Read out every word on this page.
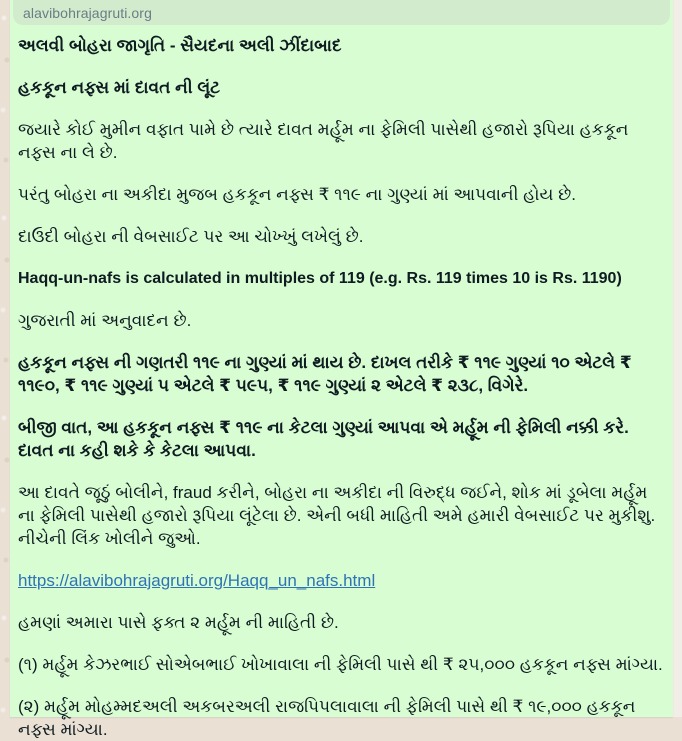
alavibohrajagruti.org
અલવી બોહરા જાગૃતિ - સૈયદના અલી ઝીંદાબાદ
હકકૂન નફ્સ માં દાવત ની લૂંટ
જયારે કોઈ મુમીન વફાત પામે છે ત્યારે દાવત મર્હૂમ ના ફેમિલી પાસેથી હજારો રૂપિયા હકકૂન નફ્સ ના લે છે.
પરંતુ બોહરા ના અકીદા મુજબ હકકૂન નફ્સ ₹ ૧૧૯ ના ગુણ્યાં માં આપવાની હોય છે.
દાઉદી બોહરા ની વેબસાઈટ પર આ ચોખ્ખું લખેલું છે.
Haqq-un-nafs is calculated in multiples of 119 (e.g. Rs. 119 times 10 is Rs. 1190)
ગુજરાતી માં અનુવાદન છે.
હકકૂન નફ્સ ની ગણતરી ૧૧૯ ના ગુણ્યાં માં થાય છે. દાખલ તરીકે ₹ ૧૧૯ ગુણ્યાં ૧૦ એટલે ₹ ૧૧૯૦, ₹ ૧૧૯ ગુણ્યાં ૫ એટલે ₹ ૫૯૫, ₹ ૧૧૯ ગુણ્યાં ૨ એટલે ₹ ૨૩૮, વિગેરે.
બીજી વાત, આ હકકૂન નફ્સ ₹ ૧૧૯ ના કેટલા ગુણ્યાં આપવા એ મર્હૂમ ની ફેમિલી નક્કી કરે. દાવત ના કહી શકે કે કેટલા આપવા.
આ દાવતે જૂઠું બોલીને, fraud કરીને, બોહરા ના અકીદા ની વિરુદ્ધ જઈને, શોક માં ડૂબેલા મર્હૂમ ના ફેમિલી પાસેથી હજારો રૂપિયા લૂંટેલા છે. એની બધી માહિતી અમે હમારી વેબસાઈટ પર મુકીશુ. નીચેની લિંક ખોલીને જુઓ.
https://alavibohrajagruti.org/Haqq_un_nafs.html
હમણાં અમારા પાસે ફક્ત ૨ મર્હૂમ ની માહિતી છે.
(૧) મર્હૂમ કેઝરભાઈ સોએબભાઈ ખોખાવાલા ની ફેમિલી પાસે થી ₹ ૨૫,૦૦૦ હકકૂન નફ્સ માંગ્યા.
(૨) મર્હૂમ મોહમ્મદઅલી અકબરઅલી રાજપિપલાવાલા ની ફેમિલી પાસે થી ₹ ૧૯,૦૦૦ હકકૂન નફ્સ માંગ્યા.
